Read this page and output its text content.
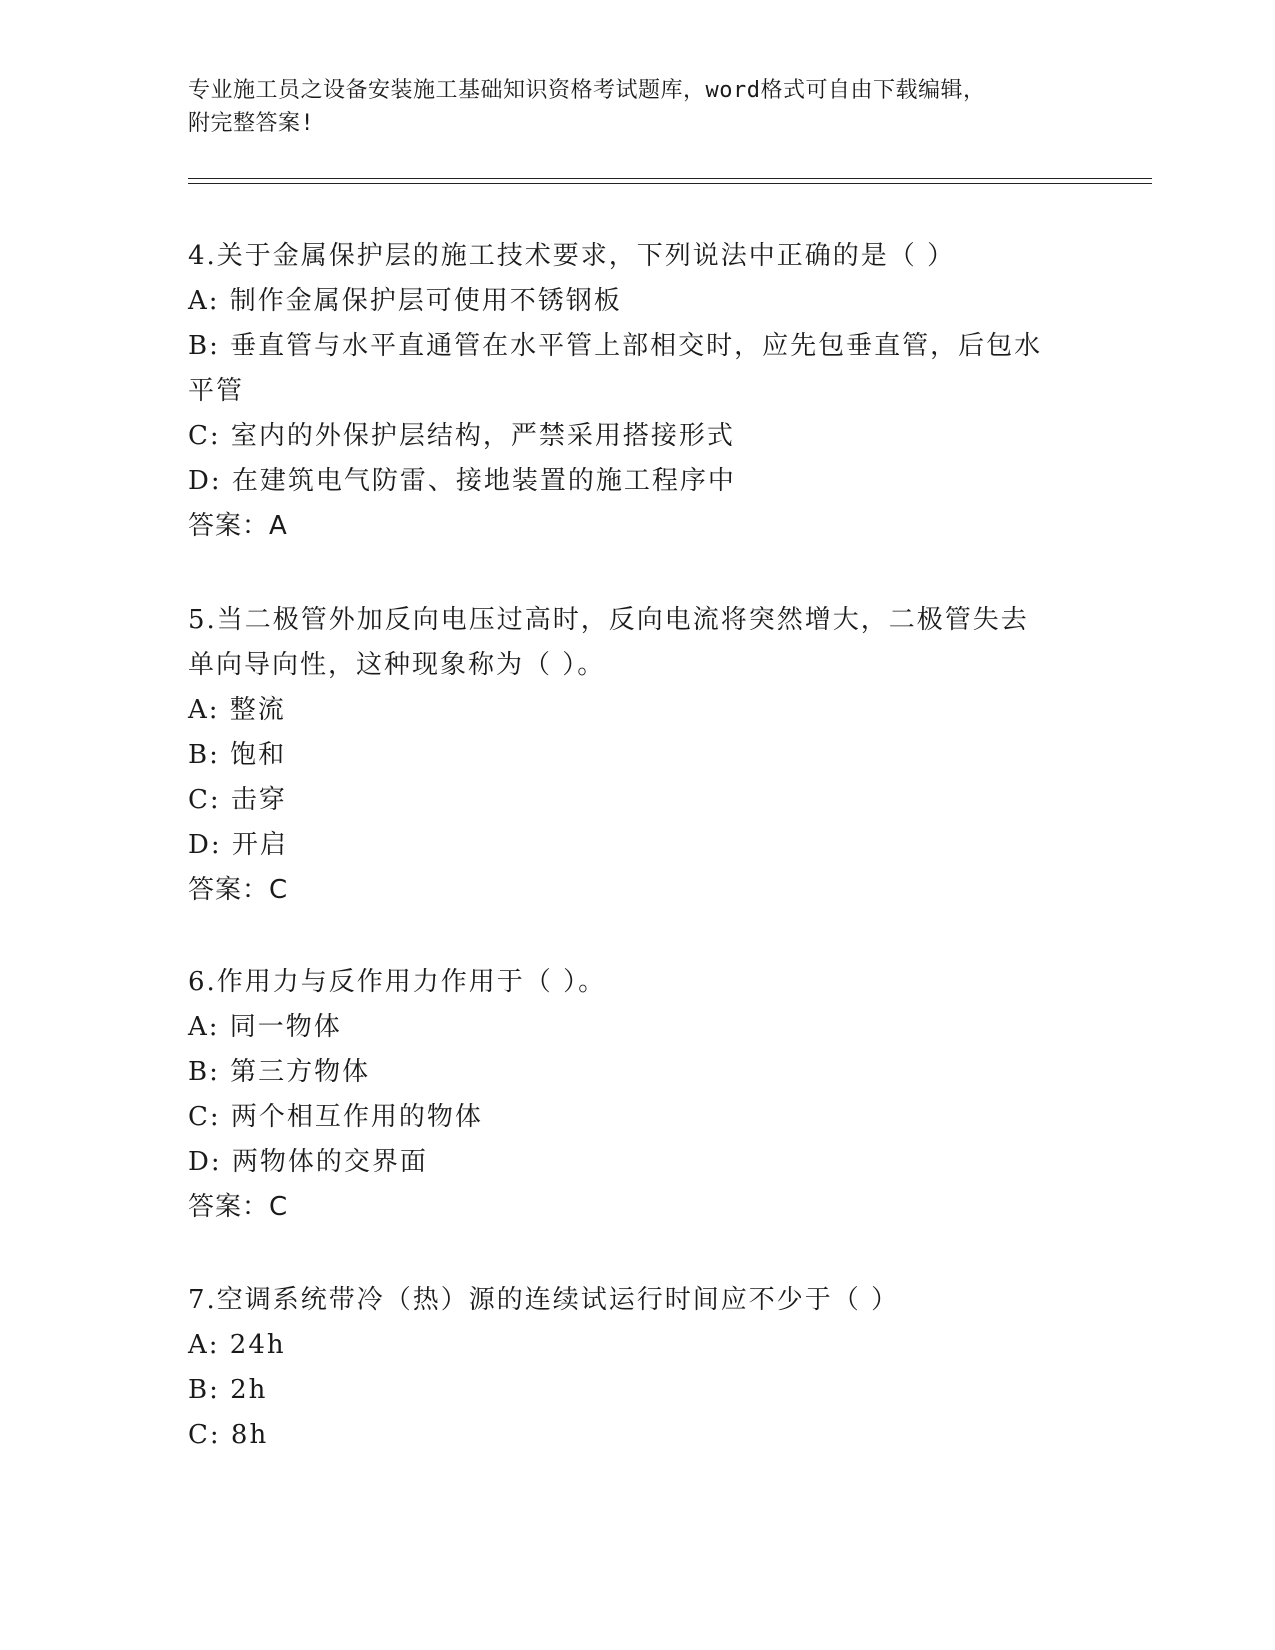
专业施工员之设备安装施工基础知识资格考试题库，word格式可自由下载编辑，
附完整答案!
4.关于金属保护层的施工技术要求，下列说法中正确的是（ ）
A: 制作金属保护层可使用不锈钢板
B: 垂直管与水平直通管在水平管上部相交时，应先包垂直管，后包水
平管
C: 室内的外保护层结构，严禁采用搭接形式
D: 在建筑电气防雷、接地装置的施工程序中
答案：A
5.当二极管外加反向电压过高时，反向电流将突然增大，二极管失去
单向导向性，这种现象称为（ ）。
A: 整流
B: 饱和
C: 击穿
D: 开启
答案：C
6.作用力与反作用力作用于（ ）。
A: 同一物体
B: 第三方物体
C: 两个相互作用的物体
D: 两物体的交界面
答案：C
7.空调系统带冷（热）源的连续试运行时间应不少于（ ）
A: 24h
B: 2h
C: 8h
